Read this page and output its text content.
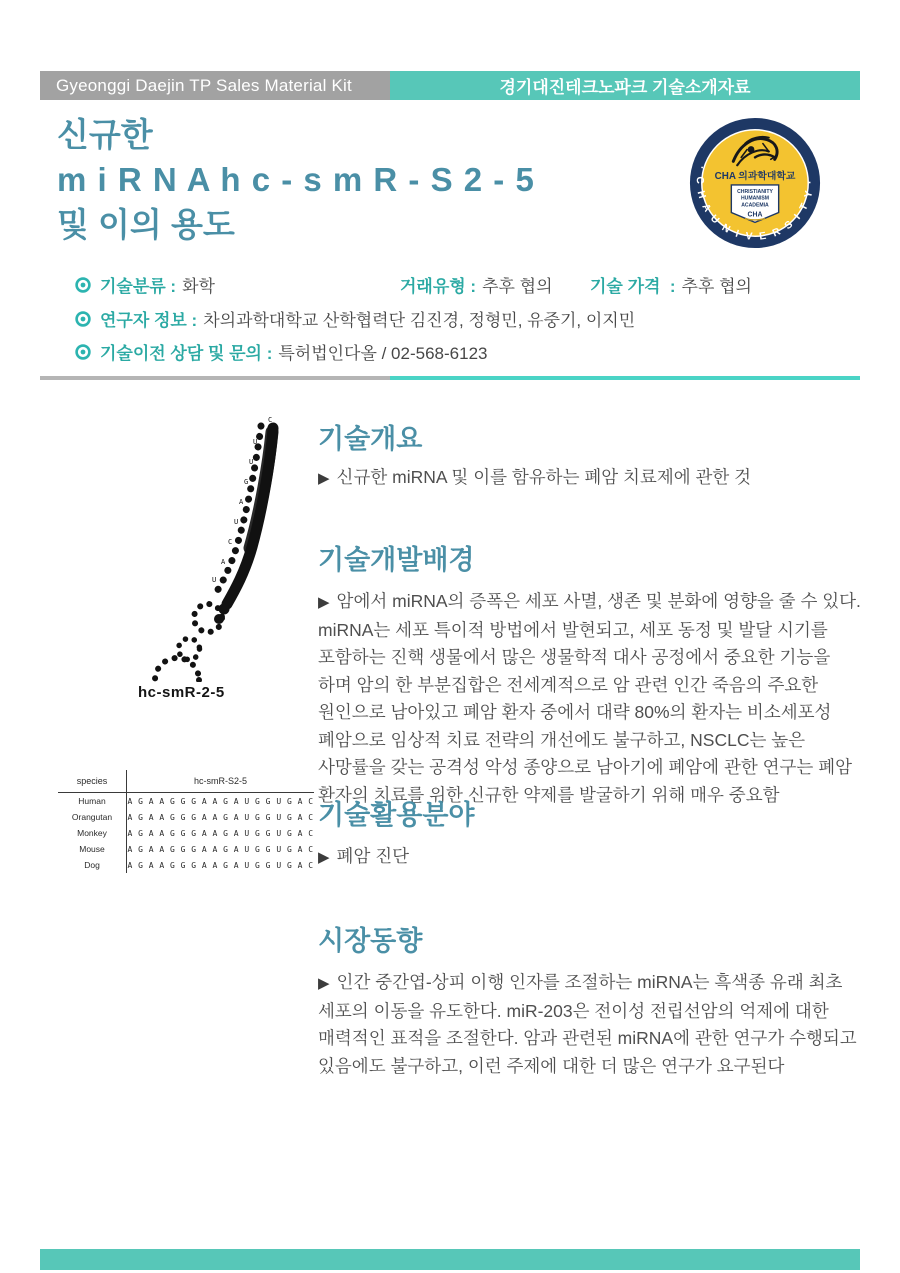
Gyeonggi Daejin TP Sales Material Kit	경기대진테크노파크 기술소개자료
신규한
m i R N A h c - s m R - S 2 - 5
및 이의 용도
· C H A U N I V E R S I T Y ·
CHA 의과학대학교
CHRISTIANITY
HUMANISM
ACADEMIA
CHA
기술분류 : 화학	거래유형 : 추후 협의 기술 가격  : 추후 협의
연구자 정보 : 차의과학대학교 산학협력단 김진경, 정형민, 유중기, 이지민
기술이전 상담 및 문의 : 특허법인다올 / 02-568-6123
C
U
U
G
A
U
C
A
U
hc-smR-2-5
species	hc-smR-S2-5
Human	A G A A G G G A A G A U G G U G A C
Orangutan	A G A A G G G A A G A U G G U G A C
Monkey	A G A A G G G A A G A U G G U G A C
Mouse	A G A A G G G A A G A U G G U G A C
Dog	A G A A G G G A A G A U G G U G A C
기술개요

▶ 신규한 miRNA 및 이를 함유하는 폐암 치료제에 관한 것

기술개발배경

▶ 암에서 miRNA의 증폭은 세포 사멸, 생존 및 분화에 영향을 줄 수 있다. miRNA는 세포 특이적 방법에서 발현되고, 세포 동정 및 발달 시기를 포함하는 진핵 생물에서 많은 생물학적 대사 공정에서 중요한 기능을 하며 암의 한 부분집합은 전세계적으로 암 관련 인간 죽음의 주요한 원인으로 남아있고 폐암 환자 중에서 대략 80%의 환자는 비소세포성 폐암으로 임상적 치료 전략의 개선에도 불구하고, NSCLC는 높은 사망률을 갖는 공격성 악성 종양으로 남아기에 폐암에 관한 연구는 폐암 환자의 치료를 위한 신규한 약제를 발굴하기 위해 매우 중요함

기술활용분야

▶ 폐암 진단

시장동향

▶ 인간 중간엽-상피 이행 인자를 조절하는 miRNA는 흑색종 유래 최초 세포의 이동을 유도한다. miR-203은 전이성 전립선암의 억제에 대한 매력적인 표적을 조절한다. 암과 관련된 miRNA에 관한 연구가 수행되고 있음에도 불구하고, 이런 주제에 대한 더 많은 연구가 요구된다
